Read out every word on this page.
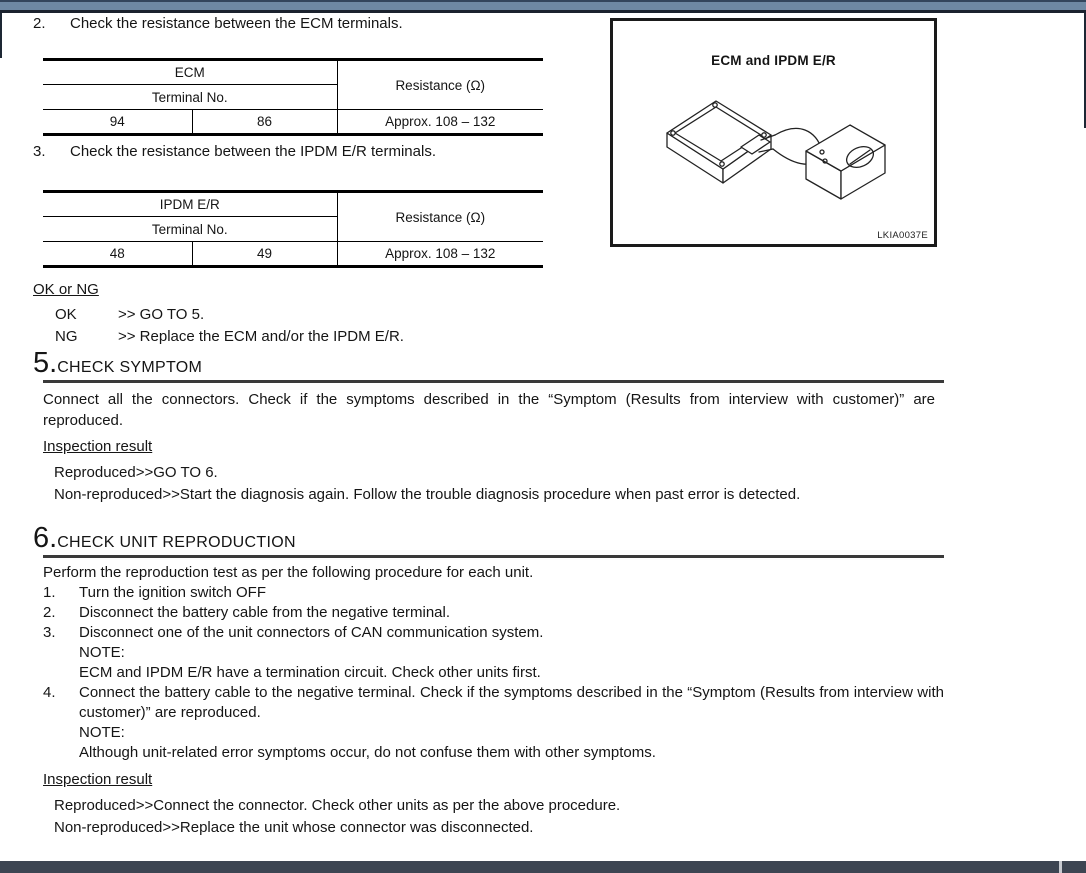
2. Check the resistance between the ECM terminals.
ECM		Resistance (Ω)
Terminal No.		
94	86	Approx. 108 – 132
3. Check the resistance between the IPDM E/R terminals.
IPDM E/R		Resistance (Ω)
Terminal No.		
48	49	Approx. 108 – 132
ECM and IPDM E/R
LKIA0037E
OK or NG
OK	>> GO TO 5.
NG	>> Replace the ECM and/or the IPDM E/R.
5. CHECK SYMPTOM
Connect all the connectors. Check if the symptoms described in the “Symptom (Results from interview with customer)” are reproduced.
Inspection result
Reproduced>>GO TO 6.
Non-reproduced>>Start the diagnosis again. Follow the trouble diagnosis procedure when past error is detected.
6. CHECK UNIT REPRODUCTION
Perform the reproduction test as per the following procedure for each unit.
1. Turn the ignition switch OFF
2. Disconnect the battery cable from the negative terminal.
3. Disconnect one of the unit connectors of CAN communication system.
NOTE:
ECM and IPDM E/R have a termination circuit. Check other units first.
4. Connect the battery cable to the negative terminal. Check if the symptoms described in the “Symptom (Results from interview with customer)” are reproduced.
NOTE:
Although unit-related error symptoms occur, do not confuse them with other symptoms.
Inspection result
Reproduced>>Connect the connector. Check other units as per the above procedure.
Non-reproduced>>Replace the unit whose connector was disconnected.
